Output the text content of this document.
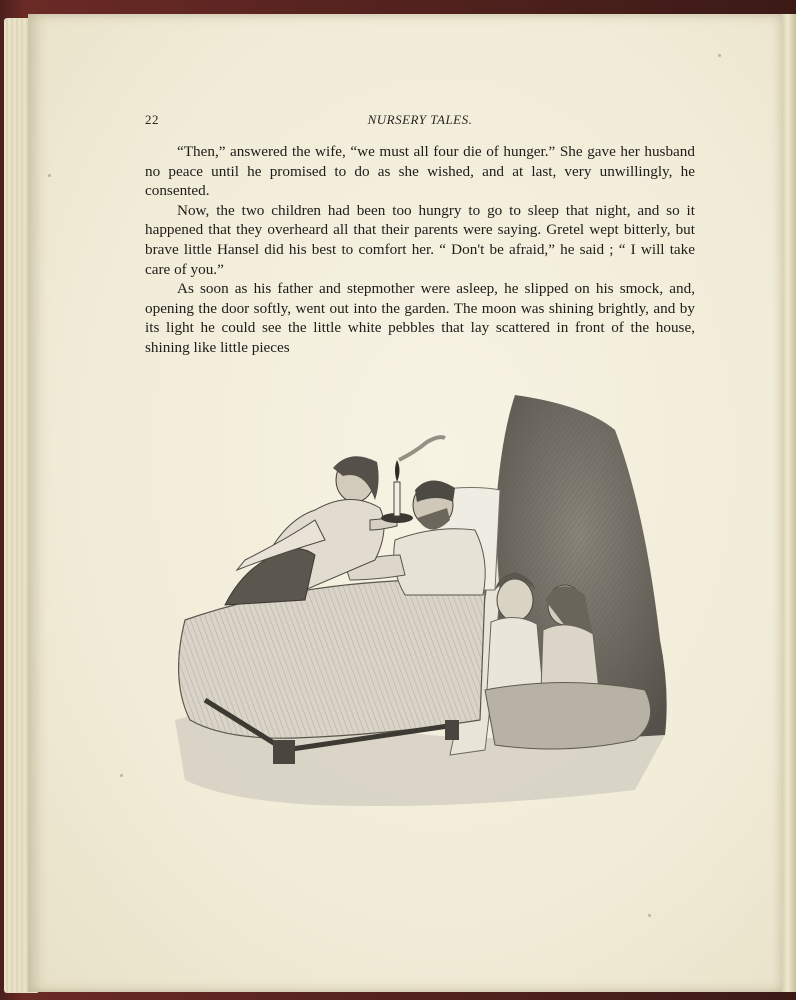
22	NURSERY TALES.

“Then,” answered the wife, “we must all four die of hunger.” She gave her husband no peace until he promised to do as she wished, and at last, very unwillingly, he consented.

Now, the two children had been too hungry to go to sleep that night, and so it happened that they overheard all that their parents were saying. Gretel wept bitterly, but brave little Hansel did his best to comfort her. “ Don't be afraid,” he said ; “ I will take care of you.”

As soon as his father and stepmother were asleep, he slipped on his smock, and, opening the door softly, went out into the garden. The moon was shining brightly, and by its light he could see the little white pebbles that lay scattered in front of the house, shining like little pieces
